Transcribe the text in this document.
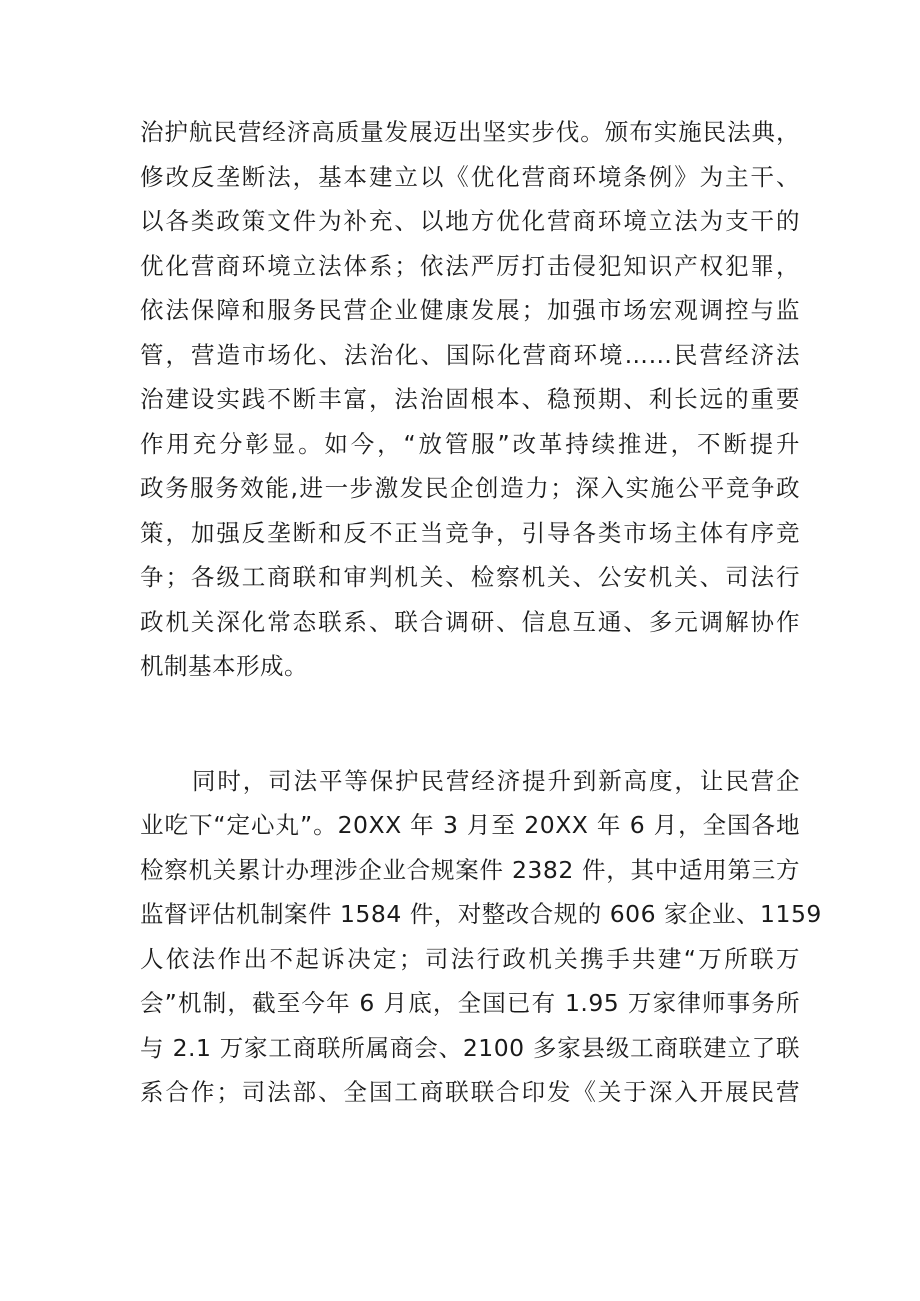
治护航民营经济高质量发展迈出坚实步伐。颁布实施民法典，
修改反垄断法，基本建立以《优化营商环境条例》为主干、
以各类政策文件为补充、以地方优化营商环境立法为支干的
优化营商环境立法体系；依法严厉打击侵犯知识产权犯罪，
依法保障和服务民营企业健康发展；加强市场宏观调控与监
管，营造市场化、法治化、国际化营商环境……民营经济法
治建设实践不断丰富，法治固根本、稳预期、利长远的重要
作用充分彰显。如今，“放管服”改革持续推进，不断提升
政务服务效能,进一步激发民企创造力；深入实施公平竞争政
策，加强反垄断和反不正当竞争，引导各类市场主体有序竞
争；各级工商联和审判机关、检察机关、公安机关、司法行
政机关深化常态联系、联合调研、信息互通、多元调解协作
机制基本形成。
同时，司法平等保护民营经济提升到新高度，让民营企
业吃下“定心丸”。20XX 年 3 月至 20XX 年 6 月，全国各地
检察机关累计办理涉企业合规案件 2382 件，其中适用第三方
监督评估机制案件 1584 件，对整改合规的 606 家企业、1159
人依法作出不起诉决定；司法行政机关携手共建“万所联万
会”机制，截至今年 6 月底，全国已有 1.95 万家律师事务所
与 2.1 万家工商联所属商会、2100 多家县级工商联建立了联
系合作；司法部、全国工商联联合印发《关于深入开展民营
